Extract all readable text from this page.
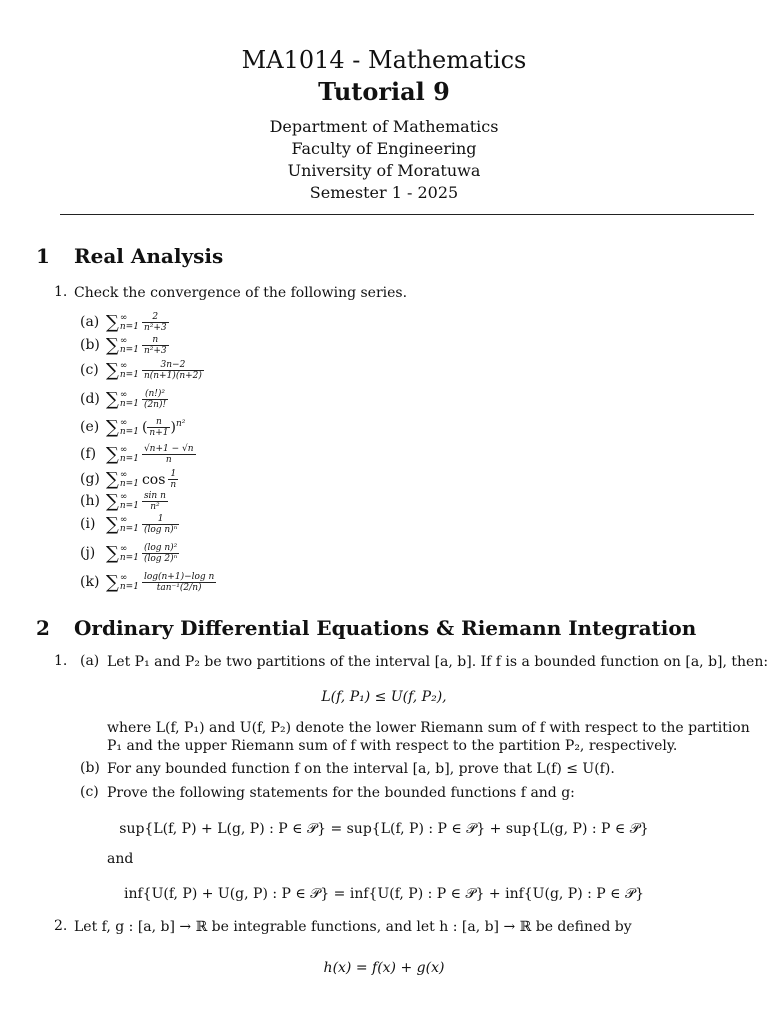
MA1014 - Mathematics
Tutorial 9
Department of Mathematics
Faculty of Engineering
University of Moratuwa
Semester 1 - 2025
1 Real Analysis
1. Check the convergence of the following series.
(a) ∑ ∞
$n=1 \frac{2}{\text{n²+3}}$
(b) ∑ ∞
$n=1 \frac{n}{\text{n²+3}}$
(c) ∑ ∞
$n=1 \frac{3n-2}{n(n+1)(n+2)}$
(d) ∑ ∞
$n=1 \frac{\text{(n!)²}}{(2n)!}$
(e) ∑ ∞
n=1 ( $\frac{n}{n+1} )^{n^2}$
(f) ∑ ∞
$n=1 \frac{√n+1 - √n}{n}$
(g) ∑ ∞
n=1 $\cos \frac{1}{n}$
(h) ∑ ∞
$n=1 \frac{\text{sin n}}{\text{n²}}$
(i) ∑ ∞
$n=1 \frac{1}{\text{(log n)ⁿ}}$
(j) ∑ ∞
$n=1 \frac{\text{(log n)²}}{\text{(log 2)ⁿ}}$
(k) ∑ ∞
$n=1 \frac{\text{log(n+1)−log n}}{\text{tan⁻¹(2/n)}}$
2 Ordinary Differential Equations & Riemann Integration
1. (a) Let P₁ and P₂ be two partitions of the interval [a, b]. If f is a bounded function on [a, b], then:
L(f, P₁) ≤ U(f, P₂),
where L(f, P₁) and U(f, P₂) denote the lower Riemann sum of f with respect to the partition
P₁ and the upper Riemann sum of f with respect to the partition P₂, respectively.
(b) For any bounded function f on the interval [a, b], prove that L(f) ≤ U(f).
(c) Prove the following statements for the bounded functions f and g:
sup{L(f, P) + L(g, P) : P ∈ 𝒫} = sup{L(f, P) : P ∈ 𝒫} + sup{L(g, P) : P ∈ 𝒫}
and
inf{U(f, P) + U(g, P) : P ∈ 𝒫} = inf{U(f, P) : P ∈ 𝒫} + inf{U(g, P) : P ∈ 𝒫}
2. Let f, g : [a, b] → ℝ be integrable functions, and let h : [a, b] → ℝ be defined by
h(x) = f(x) + g(x)
